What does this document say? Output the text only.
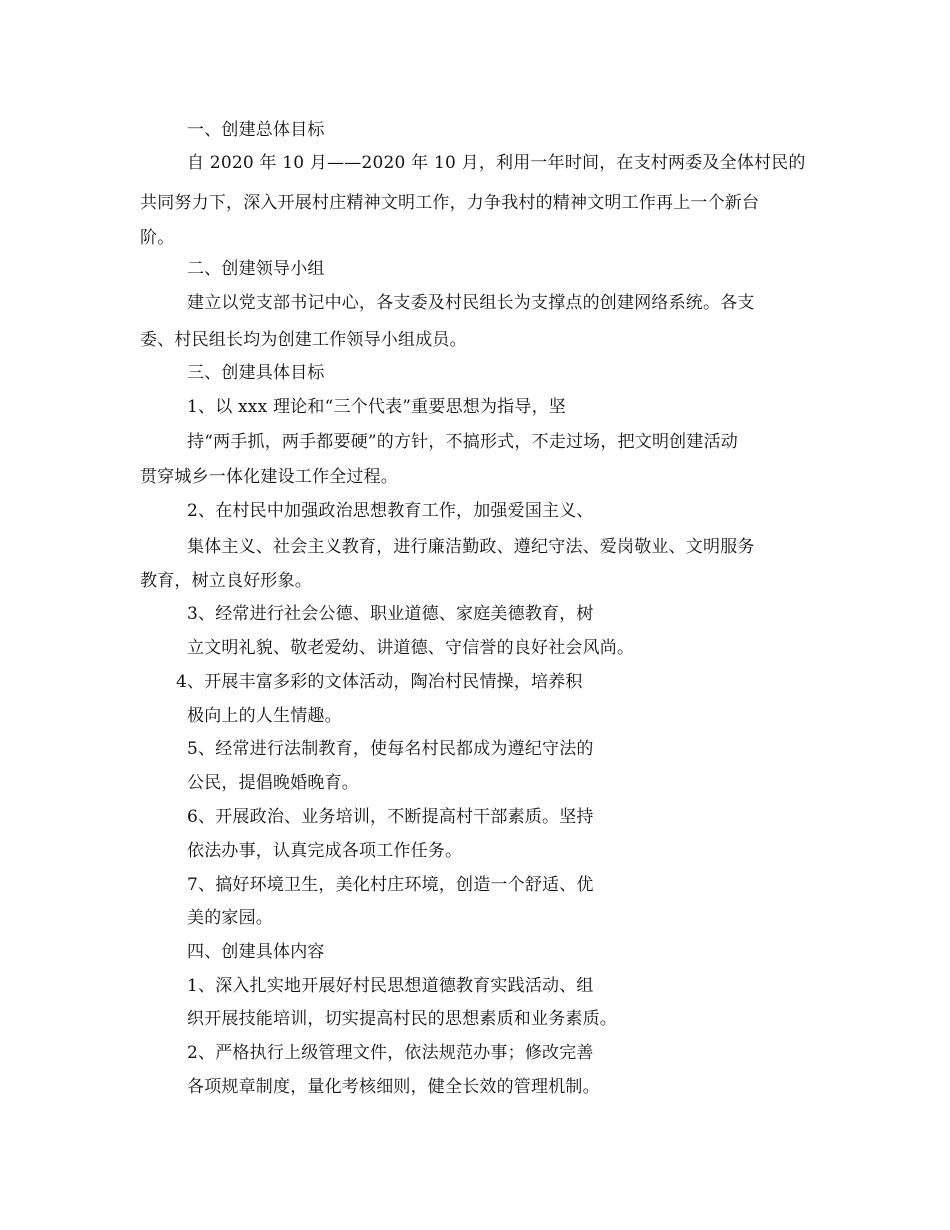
一、创建总体目标
自 2020 年 10 月——2020 年 10 月，利用一年时间，在支村两委及全体村民的
共同努力下，深入开展村庄精神文明工作，力争我村的精神文明工作再上一个新台
阶。
二、创建领导小组
建立以党支部书记中心，各支委及村民组长为支撑点的创建网络系统。各支
委、村民组长均为创建工作领导小组成员。
三、创建具体目标
1、以 xxx 理论和“三个代表”重要思想为指导，坚
持“两手抓，两手都要硬”的方针，不搞形式，不走过场，把文明创建活动
贯穿城乡一体化建设工作全过程。
2、在村民中加强政治思想教育工作，加强爱国主义、
集体主义、社会主义教育，进行廉洁勤政、遵纪守法、爱岗敬业、文明服务
教育，树立良好形象。
3、经常进行社会公德、职业道德、家庭美德教育，树
立文明礼貌、敬老爱幼、讲道德、守信誉的良好社会风尚。
4、开展丰富多彩的文体活动，陶冶村民情操，培养积
极向上的人生情趣。
5、经常进行法制教育，使每名村民都成为遵纪守法的
公民，提倡晚婚晚育。
6、开展政治、业务培训，不断提高村干部素质。坚持
依法办事，认真完成各项工作任务。
7、搞好环境卫生，美化村庄环境，创造一个舒适、优
美的家园。
四、创建具体内容
1、深入扎实地开展好村民思想道德教育实践活动、组
织开展技能培训，切实提高村民的思想素质和业务素质。
2、严格执行上级管理文件，依法规范办事；修改完善
各项规章制度，量化考核细则，健全长效的管理机制。
